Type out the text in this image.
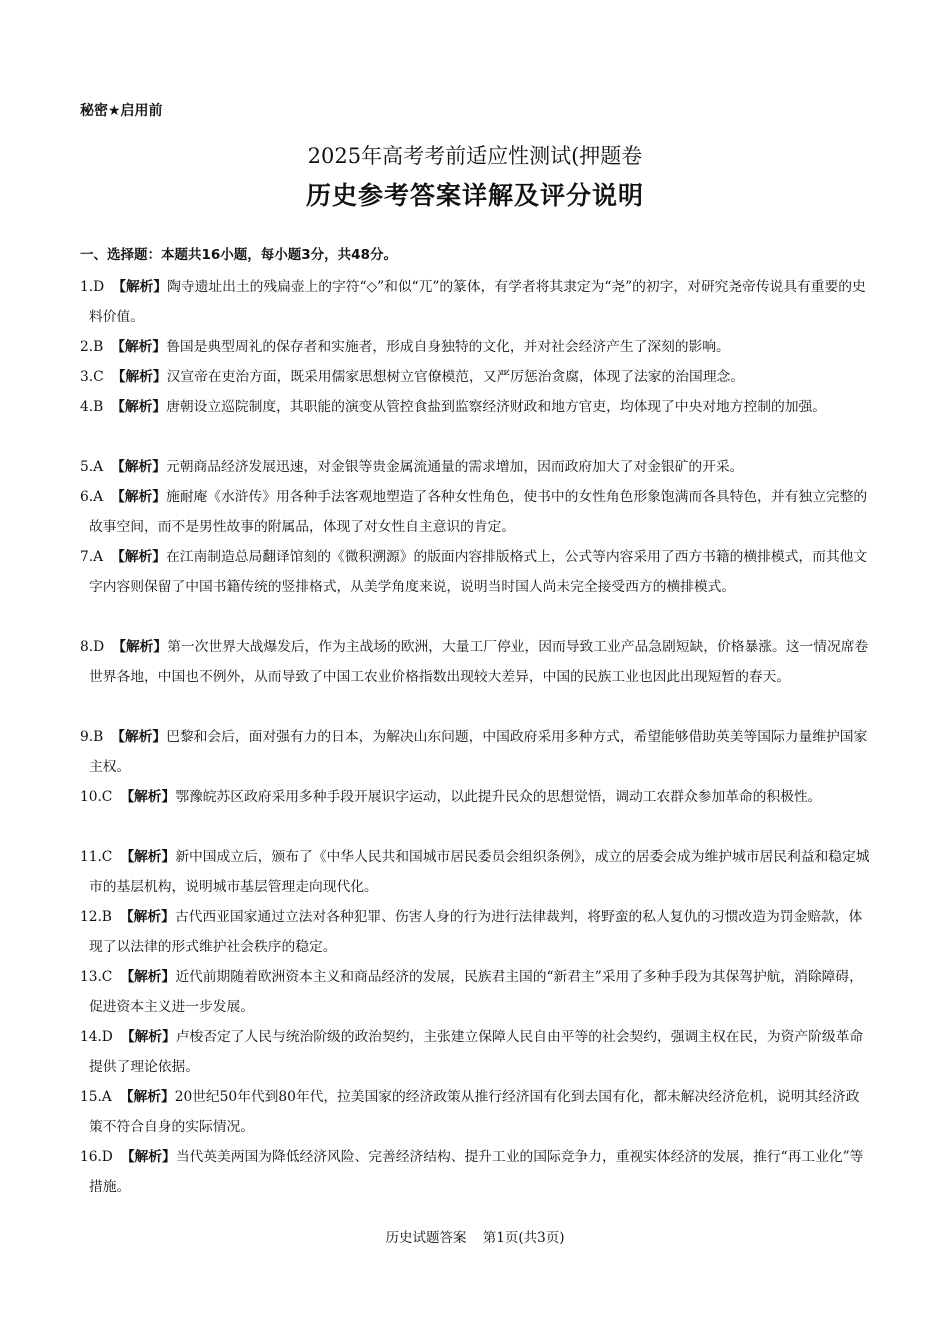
秘密★启用前
2025年高考考前适应性测试(押题卷
历史参考答案详解及评分说明
一、选择题：本题共16小题，每小题3分，共48分。
1.D 【解析】陶寺遗址出土的残扁壶上的字符“◇”和似“兀”的篆体，有学者将其隶定为“尧”的初字，对研究尧帝传说具有重要的史料价值。
2.B 【解析】鲁国是典型周礼的保存者和实施者，形成自身独特的文化，并对社会经济产生了深刻的影响。
3.C 【解析】汉宣帝在吏治方面，既采用儒家思想树立官僚模范，又严厉惩治贪腐，体现了法家的治国理念。
4.B 【解析】唐朝设立巡院制度，其职能的演变从管控食盐到监察经济财政和地方官吏，均体现了中央对地方控制的加强。
5.A 【解析】元朝商品经济发展迅速，对金银等贵金属流通量的需求增加，因而政府加大了对金银矿的开采。
6.A 【解析】施耐庵《水浒传》用各种手法客观地塑造了各种女性角色，使书中的女性角色形象饱满而各具特色，并有独立完整的故事空间，而不是男性故事的附属品，体现了对女性自主意识的肯定。
7.A 【解析】在江南制造总局翻译馆刻的《微积溯源》的版面内容排版格式上，公式等内容采用了西方书籍的横排模式，而其他文字内容则保留了中国书籍传统的竖排格式，从美学角度来说，说明当时国人尚未完全接受西方的横排模式。
8.D 【解析】第一次世界大战爆发后，作为主战场的欧洲，大量工厂停业，因而导致工业产品急剧短缺，价格暴涨。这一情况席卷世界各地，中国也不例外，从而导致了中国工农业价格指数出现较大差异，中国的民族工业也因此出现短暂的春天。
9.B 【解析】巴黎和会后，面对强有力的日本，为解决山东问题，中国政府采用多种方式，希望能够借助英美等国际力量维护国家主权。
10.C 【解析】鄂豫皖苏区政府采用多种手段开展识字运动，以此提升民众的思想觉悟，调动工农群众参加革命的积极性。
11.C 【解析】新中国成立后，颁布了《中华人民共和国城市居民委员会组织条例》，成立的居委会成为维护城市居民利益和稳定城市的基层机构，说明城市基层管理走向现代化。
12.B 【解析】古代西亚国家通过立法对各种犯罪、伤害人身的行为进行法律裁判，将野蛮的私人复仇的习惯改造为罚金赔款，体现了以法律的形式维护社会秩序的稳定。
13.C 【解析】近代前期随着欧洲资本主义和商品经济的发展，民族君主国的“新君主”采用了多种手段为其保驾护航，消除障碍，促进资本主义进一步发展。
14.D 【解析】卢梭否定了人民与统治阶级的政治契约，主张建立保障人民自由平等的社会契约，强调主权在民，为资产阶级革命提供了理论依据。
15.A 【解析】20世纪50年代到80年代，拉美国家的经济政策从推行经济国有化到去国有化，都未解决经济危机，说明其经济政策不符合自身的实际情况。
16.D 【解析】当代英美两国为降低经济风险、完善经济结构、提升工业的国际竞争力，重视实体经济的发展，推行“再工业化”等措施。
历史试题答案 第1页(共3页)
